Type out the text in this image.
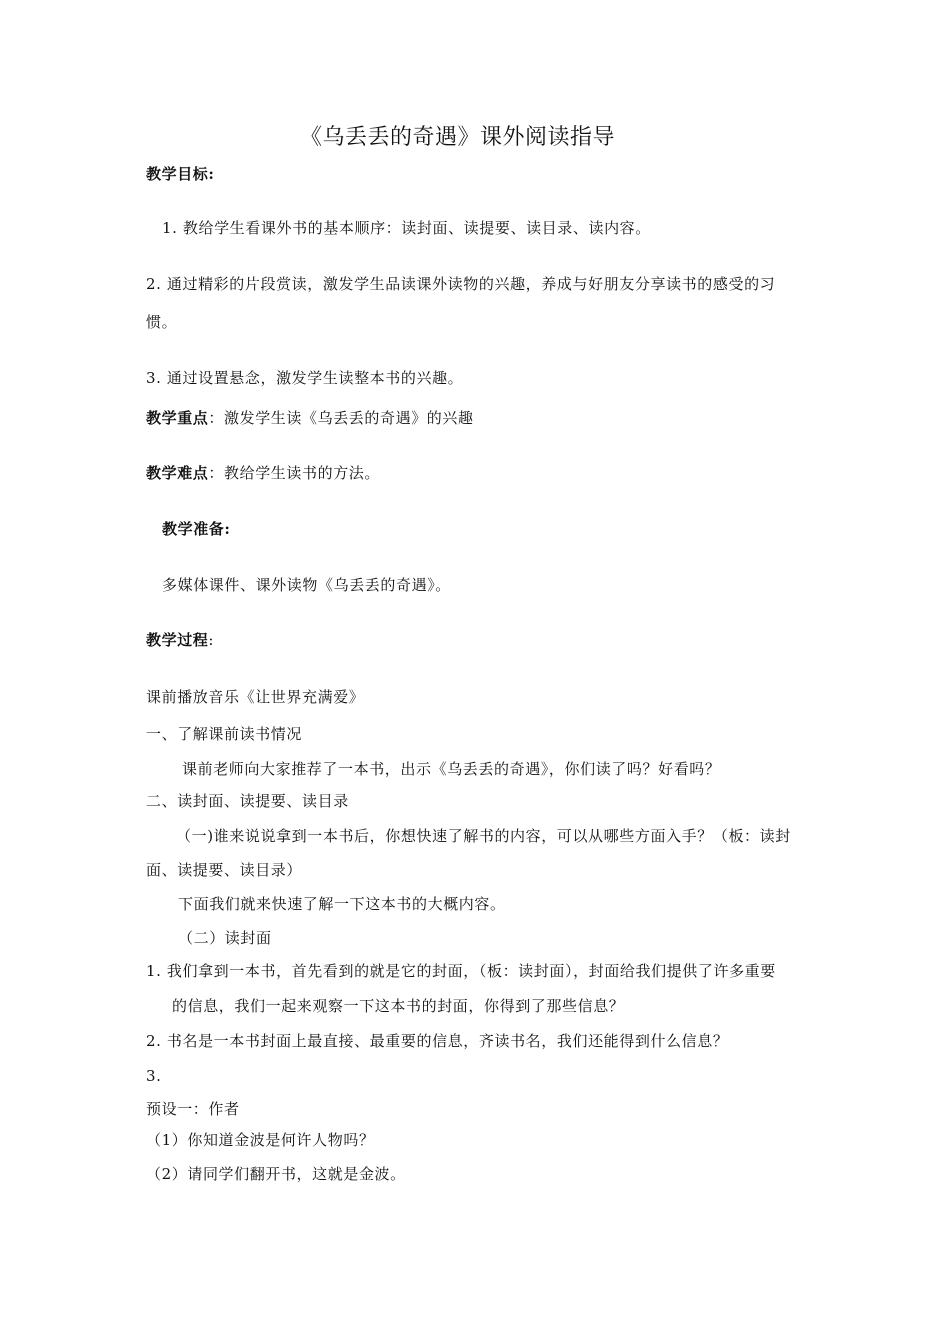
《乌丢丢的奇遇》课外阅读指导
教学目标:
1. 教给学生看课外书的基本顺序：读封面、读提要、读目录、读内容。
2. 通过精彩的片段赏读，激发学生品读课外读物的兴趣，养成与好朋友分享读书的感受的习
惯。
3. 通过设置悬念，激发学生读整本书的兴趣。
教学重点：激发学生读《乌丢丢的奇遇》的兴趣
教学难点：教给学生读书的方法。
教学准备:
多媒体课件、课外读物《乌丢丢的奇遇》。
教学过程:
课前播放音乐《让世界充满爱》
一、了解课前读书情况
课前老师向大家推荐了一本书，出示《乌丢丢的奇遇》，你们读了吗？好看吗？
二、读封面、读提要、读目录
（一)谁来说说拿到一本书后，你想快速了解书的内容，可以从哪些方面入手？（板：读封
面、读提要、读目录）
下面我们就来快速了解一下这本书的大概内容。
（二）读封面
1. 我们拿到一本书，首先看到的就是它的封面，（板：读封面），封面给我们提供了许多重要
的信息，我们一起来观察一下这本书的封面，你得到了那些信息？
2. 书名是一本书封面上最直接、最重要的信息，齐读书名，我们还能得到什么信息？
3.
预设一：作者
（1）你知道金波是何许人物吗？
（2）请同学们翻开书，这就是金波。
